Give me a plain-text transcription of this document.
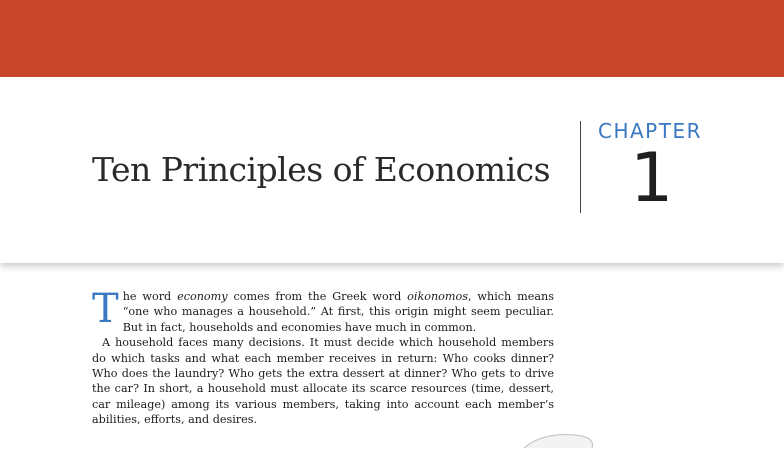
Ten Principles of Economics
CHAPTER
1

The word economy comes from the Greek word oikonomos, which means “one who manages a household.” At first, this origin might seem peculiar. But in fact, households and economies have much in common.

A household faces many decisions. It must decide which household members do which tasks and what each member receives in return: Who cooks dinner? Who does the laundry? Who gets the extra dessert at dinner? Who gets to drive the car? In short, a household must allocate its scarce resources (time, dessert, car mileage) among its various members, taking into account each member’s abilities, efforts, and desires.
